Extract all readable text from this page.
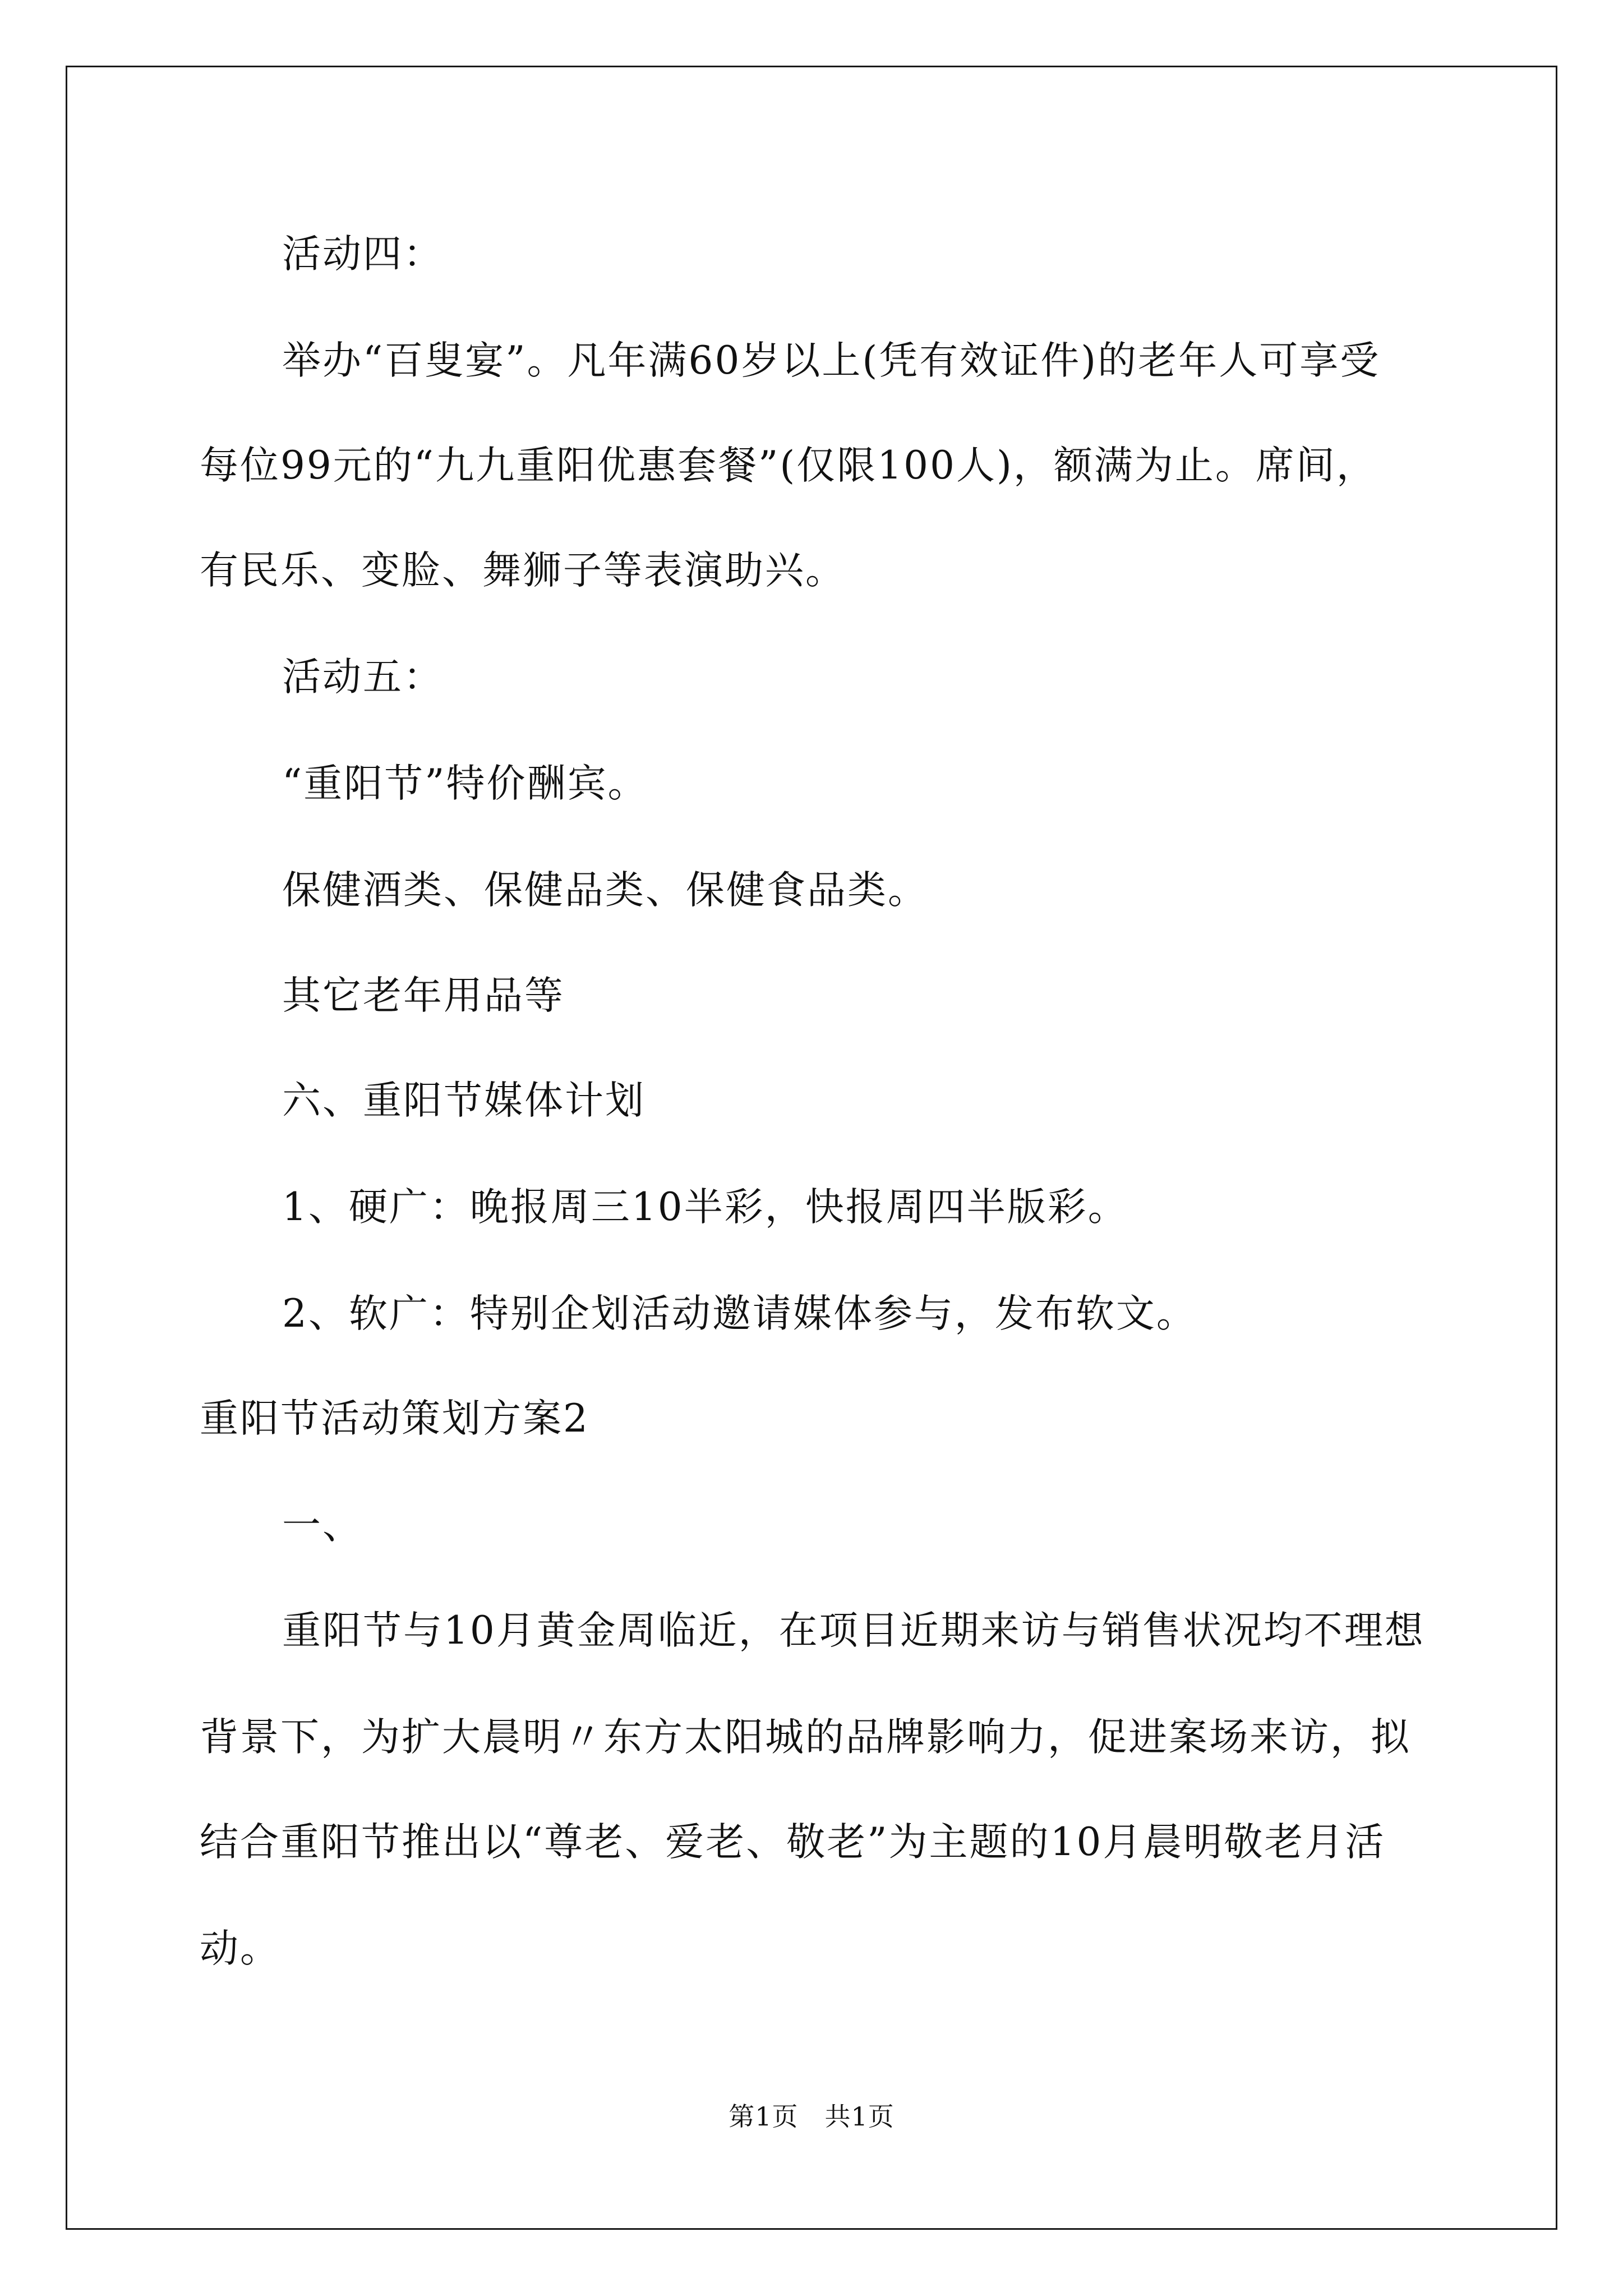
活动四：
举办“百叟宴”。凡年满60岁以上(凭有效证件)的老年人可享受
每位99元的“九九重阳优惠套餐”(仅限100人)，额满为止。席间，
有民乐、变脸、舞狮子等表演助兴。
活动五：
“重阳节”特价酬宾。
保健酒类、保健品类、保健食品类。
其它老年用品等
六、重阳节媒体计划
1、硬广：晚报周三10半彩，快报周四半版彩。
2、软广：特别企划活动邀请媒体参与，发布软文。
重阳节活动策划方案2
一、
重阳节与10月黄金周临近，在项目近期来访与销售状况均不理想
背景下，为扩大晨明〃东方太阳城的品牌影响力，促进案场来访，拟
结合重阳节推出以“尊老、爱老、敬老”为主题的10月晨明敬老月活
动。
第1页　共1页
